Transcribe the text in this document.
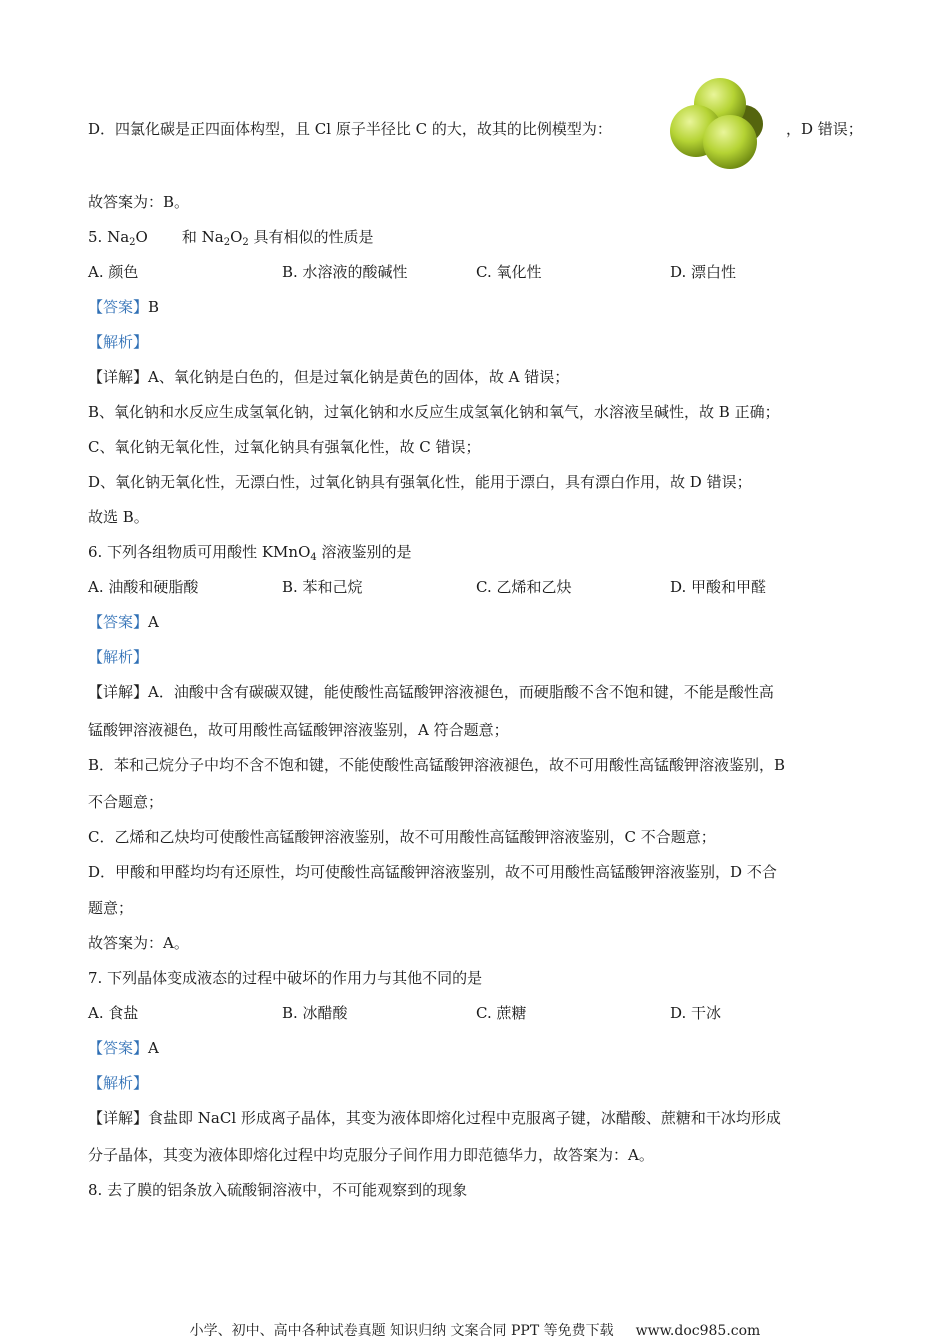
D．四氯化碳是正四面体构型，且 Cl 原子半径比 C 的大，故其的比例模型为：	，D 错误；
故答案为：B。
5. $Na_2O$ 和 $Na_2O_2$ 具有相似的性质是
A. 颜色	B. 水溶液的酸碱性	C. 氧化性	D. 漂白性
【答案】B
【解析】
【详解】A、氧化钠是白色的，但是过氧化钠是黄色的固体，故 A 错误；
B、氧化钠和水反应生成氢氧化钠，过氧化钠和水反应生成氢氧化钠和氧气，水溶液呈碱性，故 B 正确；
C、氧化钠无氧化性，过氧化钠具有强氧化性，故 C 错误；
D、氧化钠无氧化性，无漂白性，过氧化钠具有强氧化性，能用于漂白，具有漂白作用，故 D 错误；
故选 B。
6. 下列各组物质可用酸性 KMnO$_4$ 溶液鉴别的是
A. 油酸和硬脂酸	B. 苯和己烷	C. 乙烯和乙炔	D. 甲酸和甲醛
【答案】A
【解析】
【详解】A．油酸中含有碳碳双键，能使酸性高锰酸钾溶液褪色，而硬脂酸不含不饱和键，不能是酸性高
锰酸钾溶液褪色，故可用酸性高锰酸钾溶液鉴别，A 符合题意；
B．苯和己烷分子中均不含不饱和键，不能使酸性高锰酸钾溶液褪色，故不可用酸性高锰酸钾溶液鉴别，B
不合题意；
C．乙烯和乙炔均可使酸性高锰酸钾溶液鉴别，故不可用酸性高锰酸钾溶液鉴别，C 不合题意；
D．甲酸和甲醛均均有还原性，均可使酸性高锰酸钾溶液鉴别，故不可用酸性高锰酸钾溶液鉴别，D 不合
题意；
故答案为：A。
7. 下列晶体变成液态的过程中破坏的作用力与其他不同的是
A. 食盐	B. 冰醋酸	C. 蔗糖	D. 干冰
【答案】A
【解析】
【详解】食盐即 NaCl 形成离子晶体，其变为液体即熔化过程中克服离子键，冰醋酸、蔗糖和干冰均形成
分子晶体，其变为液体即熔化过程中均克服分子间作用力即范德华力，故答案为：A。
8. 去了膜的铝条放入硫酸铜溶液中，不可能观察到的现象
小学、初中、高中各种试卷真题 知识归纳 文案合同 PPT 等免费下载 www.doc985.com
